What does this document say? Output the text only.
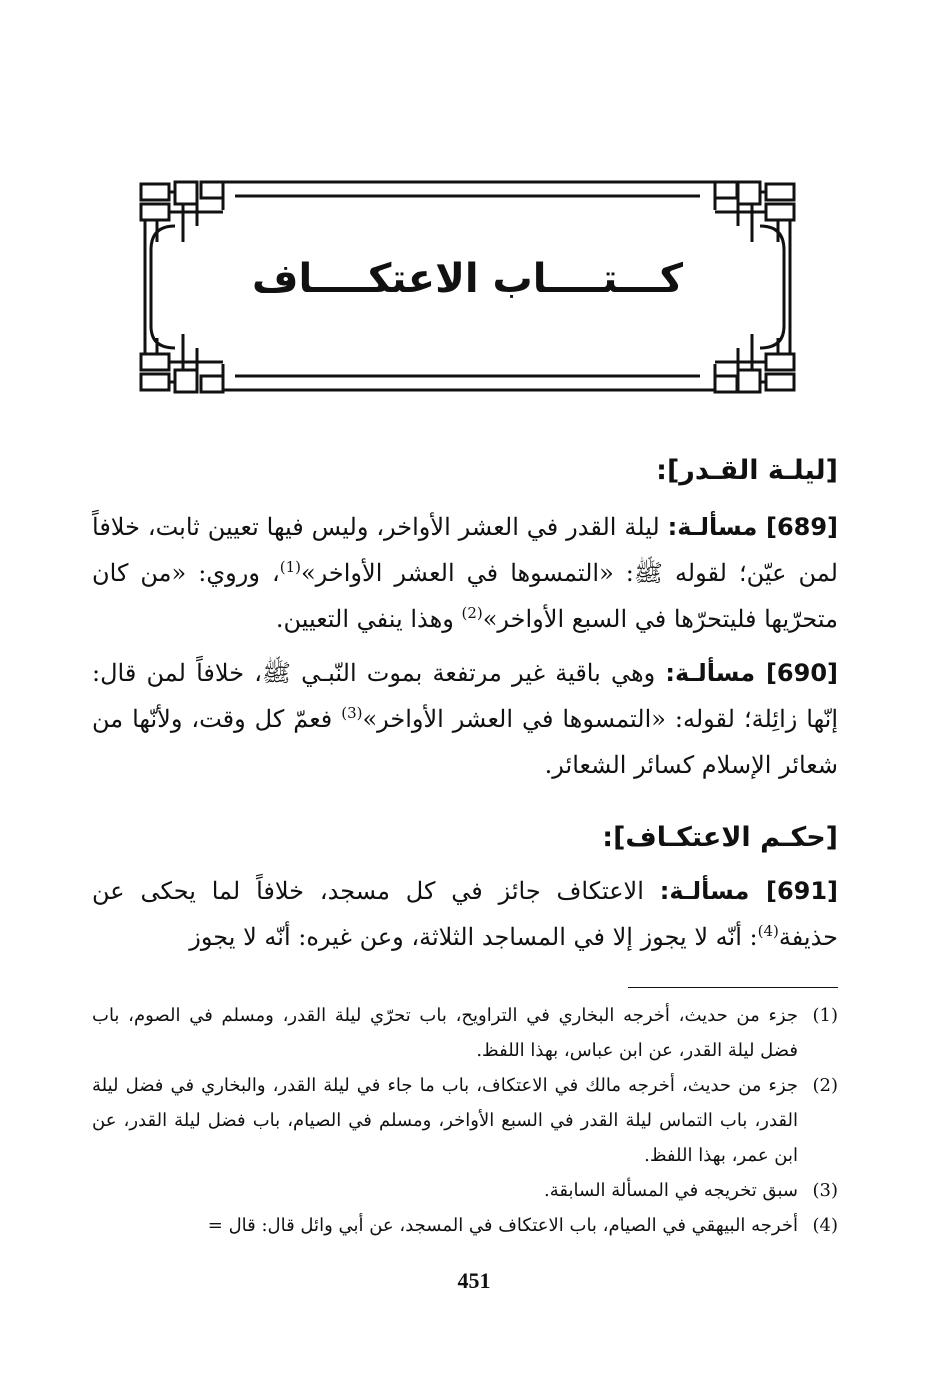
كـــتــــاب الاعتكــــاف
[ليلـة القـدر]:

[689] مسألـة: ليلة القدر في العشر الأواخر، وليس فيها تعيين ثابت، خلافاً لمن عيّن؛ لقوله ﷺ: «التمسوها في العشر الأواخر»$^{(1)}$، وروي: «من كان متحرّيها فليتحرّها في السبع الأواخر»$^{(2)}$ وهذا ينفي التعيين.

[690] مسألـة: وهي باقية غير مرتفعة بموت النّبـي ﷺ، خلافاً لمن قال: إنّها زائِلة؛ لقوله: «التمسوها في العشر الأواخر»$^{(3)}$ فعمّ كل وقت، ولأنّها من شعائر الإسلام كسائر الشعائر.

[حكـم الاعتكـاف]:

[691] مسألـة: الاعتكاف جائز في كل مسجد، خلافاً لما يحكى عن حذيفة$^{(4)}$: أنّه لا يجوز إلا في المساجد الثلاثة، وعن غيره: أنّه لا يجوز

(1)
جزء من حديث، أخرجه البخاري في التراويح، باب تحرّي ليلة القدر، ومسلم في الصوم، باب فضل ليلة القدر، عن ابن عباس، بهذا اللفظ.
(2)
جزء من حديث، أخرجه مالك في الاعتكاف، باب ما جاء في ليلة القدر، والبخاري في فضل ليلة القدر، باب التماس ليلة القدر في السبع الأواخر، ومسلم في الصيام، باب فضل ليلة القدر، عن ابن عمر، بهذا اللفظ.
(3)
سبق تخريجه في المسألة السابقة.
(4)
أخرجه البيهقي في الصيام، باب الاعتكاف في المسجد، عن أبي وائل قال: قال =
451
